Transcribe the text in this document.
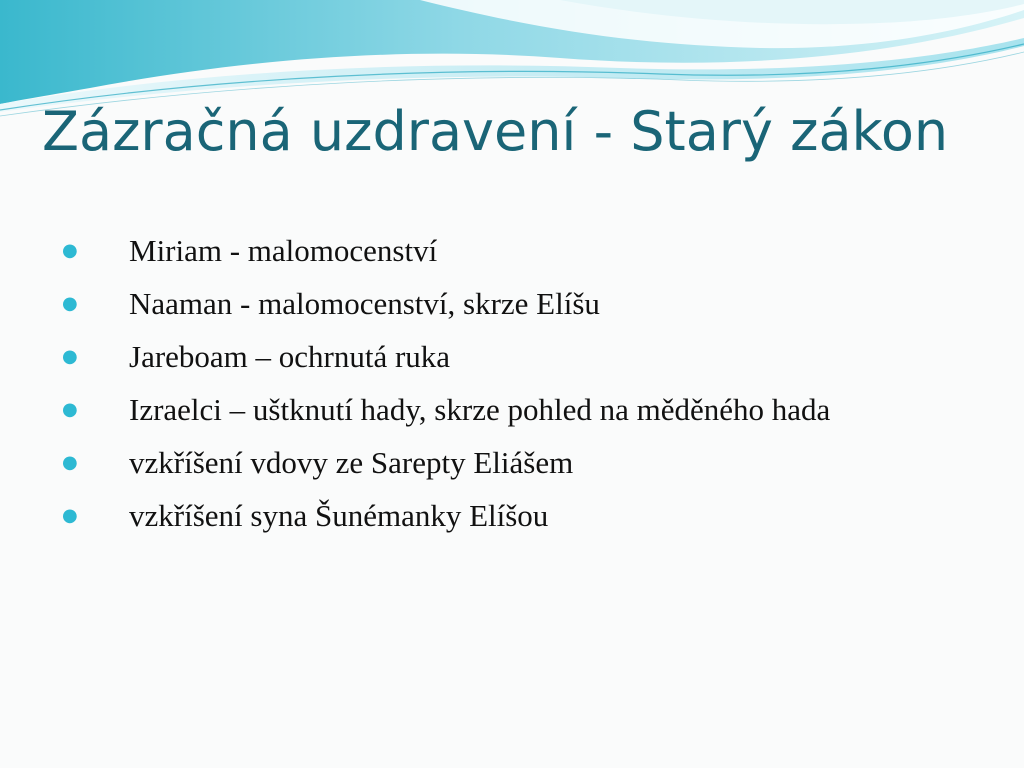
Zázračná uzdravení - Starý zákon
● Miriam - malomocenství
● Naaman - malomocenství, skrze Elíšu
● Jareboam – ochrnutá ruka
● Izraelci – uštknutí hady, skrze pohled na měděného hada
● vzkříšení vdovy ze Sarepty Eliášem
● vzkříšení syna Šunémanky Elíšou
